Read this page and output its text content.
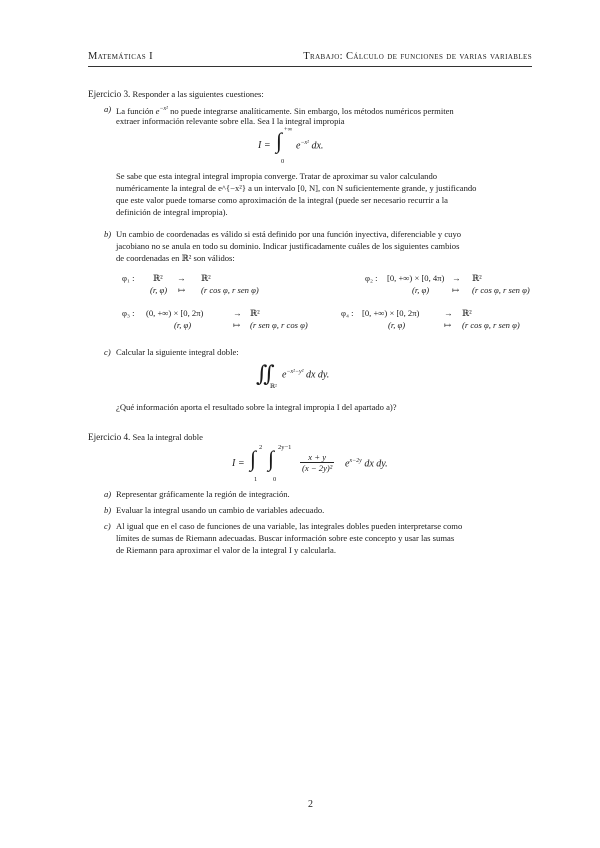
Matemáticas I	Trabajo: Cálculo de funciones de varias variables
Ejercicio 3. Responder a las siguientes cuestiones:
a) La función $e^{-x^2}$ no puede integrarse analíticamente. Sin embargo, los métodos numéricos permiten
extraer información relevante sobre ella. Sea I la integral impropia
I = ∫ +∞
0
$e^{-x^2}$ dx.
Se sabe que esta integral integral impropia converge. Tratar de aproximar su valor calculando
numéricamente la integral de e^{−x²} a un intervalo [0, N], con N suficientemente grande, y justificando
que este valor puede tomarse como aproximación de la integral (puede ser necesario recurrir a la
definición de integral impropia).
b) Un cambio de coordenadas es válido si está definido por una función inyectiva, diferenciable y cuyo
jacobiano no se anula en todo su dominio. Indicar justificadamente cuáles de los siguientes cambios
de coordenadas en ℝ² son válidos:
φ₁ : ℝ² → ℝ²
(r, φ) ↦ (r cos φ, r sen φ)
φ₂ : [0, +∞) × [0, 4π) → ℝ²
(r, φ)	↦ (r cos φ, r sen φ)
φ₃ : (0, +∞) × [0, 2π)	→ ℝ²
(r, φ)	↦ (r sen φ, r cos φ)
φ₄ : [0, +∞) × [0, 2π)	→ ℝ²
(r, φ)	↦ (r cos φ, r sen φ)
c) Calcular la siguiente integral doble:
∬
ℝ²
$e^{-x^2-y^2}$ dx dy.
¿Qué información aporta el resultado sobre la integral impropia I del apartado a)?
Ejercicio 4. Sea la integral doble
I = ∫ 2
1
∫ 2y−1
0
$\frac{x + y}{\text{(x − 2y)²}} e^{x-2y}$ dx dy.
a) Representar gráficamente la región de integración.
b) Evaluar la integral usando un cambio de variables adecuado.
c) Al igual que en el caso de funciones de una variable, las integrales dobles pueden interpretarse como
límites de sumas de Riemann adecuadas. Buscar información sobre este concepto y usar las sumas
de Riemann para aproximar el valor de la integral I y calcularla.
2
